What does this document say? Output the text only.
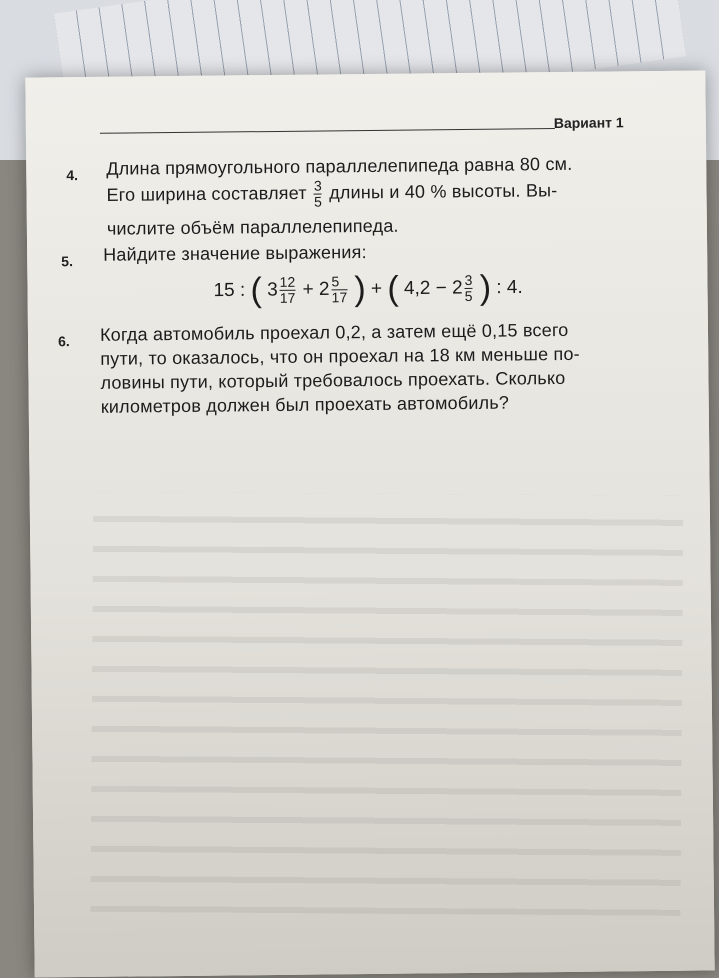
Вариант 1
4. Длина прямоугольного параллелепипеда равна 80 см.
Его ширина составляет $\frac{3}{5}$ длины и 40 % высоты. Вы-
числите объём параллелепипеда.
5. Найдите значение выражения:
15 : ( $3 \frac{12}{17} + 2 \frac{5}{17}$ ) + ( $4,2 - 2 \frac{3}{5}$ ) : 4.
6. Когда автомобиль проехал 0,2, а затем ещё 0,15 всего
пути, то оказалось, что он проехал на 18 км меньше по-
ловины пути, который требовалось проехать. Сколько
километров должен был проехать автомобиль?
